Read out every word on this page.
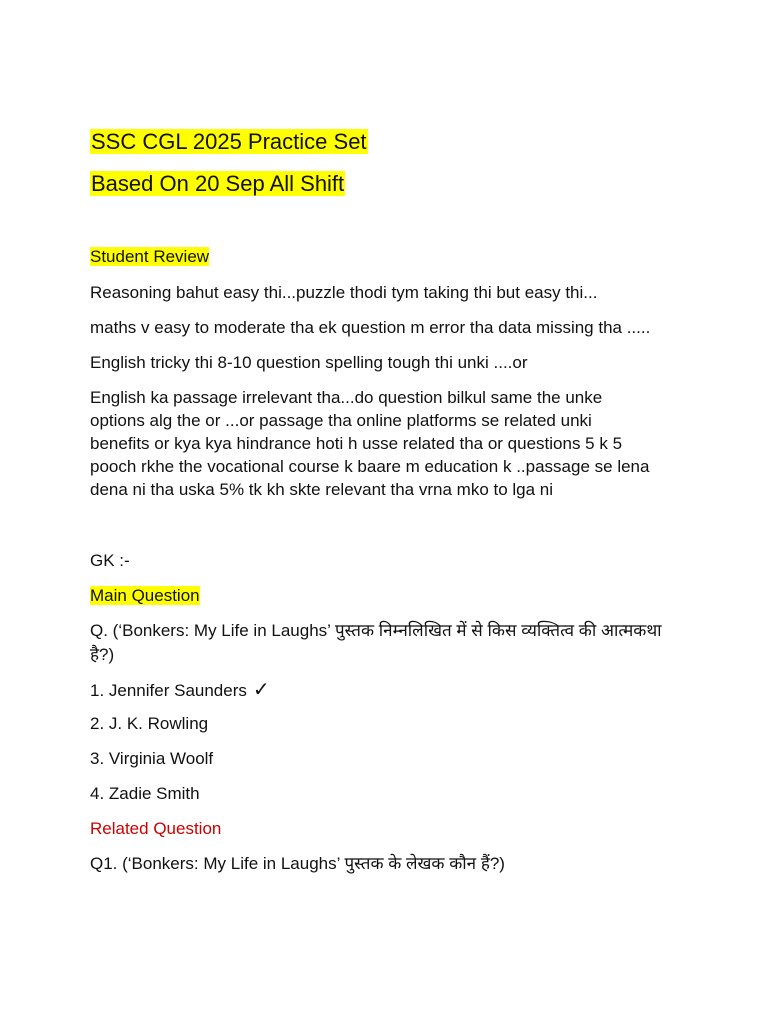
SSC CGL 2025 Practice Set
Based On 20 Sep All Shift
Student Review
Reasoning bahut easy thi...puzzle thodi tym taking thi but easy thi...
maths v easy to moderate tha ek question m error tha data missing tha .....
English tricky thi 8-10 question spelling tough thi unki ....or
English ka passage irrelevant tha...do question bilkul same the unke
options alg the or ...or passage tha online platforms se related unki
benefits or kya kya hindrance hoti h usse related tha or questions 5 k 5
pooch rkhe the vocational course k baare m education k ..passage se lena
dena ni tha uska 5% tk kh skte relevant tha vrna mko to lga ni
GK :-
Main Question
Q. (‘Bonkers: My Life in Laughs’ पुस्तक निम्नलिखित में से किस व्यक्तित्व की आत्मकथा
है?)
1. Jennifer Saunders ✓
2. J. K. Rowling
3. Virginia Woolf
4. Zadie Smith
Related Question
Q1. (‘Bonkers: My Life in Laughs’ पुस्तक के लेखक कौन हैं?)
